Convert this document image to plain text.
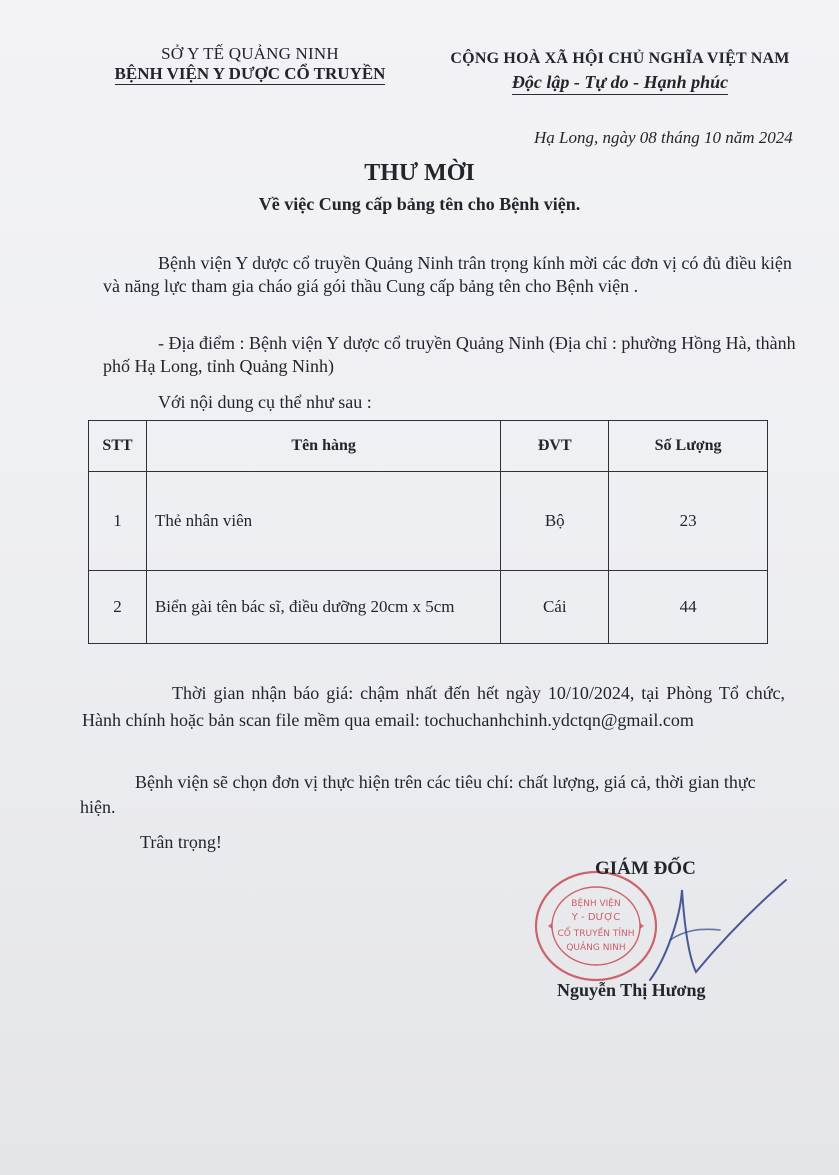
SỞ Y TẾ QUẢNG NINH
BỆNH VIỆN Y DƯỢC CỔ TRUYỀN
CỘNG HOÀ XÃ HỘI CHỦ NGHĨA VIỆT NAM
Độc lập - Tự do - Hạnh phúc
Hạ Long, ngày 08 tháng 10 năm 2024
THƯ MỜI
Về việc Cung cấp bảng tên cho Bệnh viện.
Bệnh viện Y dược cổ truyền Quảng Ninh trân trọng kính mời các đơn vị có đủ điều kiện và năng lực tham gia cháo giá gói thầu Cung cấp bảng tên cho Bệnh viện .
- Địa điểm : Bệnh viện Y dược cổ truyền Quảng Ninh (Địa chỉ : phường Hồng Hà, thành phố Hạ Long, tỉnh Quảng Ninh)
Với nội dung cụ thể như sau :
STT	Tên hàng	ĐVT	Số Lượng
1	Thẻ nhân viên	Bộ	23
2	Biển gài tên bác sĩ, điều dưỡng 20cm x 5cm	Cái	44
Thời gian nhận báo giá: chậm nhất đến hết ngày 10/10/2024, tại Phòng Tổ chức, Hành chính hoặc bản scan file mềm qua email: tochuchanhchinh.ydctqn@gmail.com
Bệnh viện sẽ chọn đơn vị thực hiện trên các tiêu chí: chất lượng, giá cả, thời gian thực hiện.
Trân trọng!
BỆNH VIỆN
Y - DƯỢC
CỔ TRUYỀN TỈNH
QUẢNG NINH
GIÁM ĐỐC
Nguyễn Thị Hương
